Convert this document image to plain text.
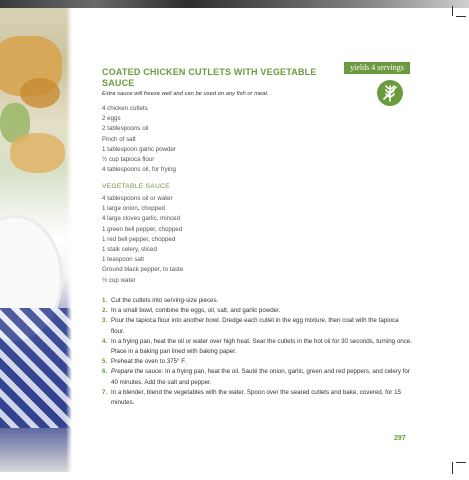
yields 4 servings
COATED CHICKEN CUTLETS WITH VEGETABLE SAUCE
Extra sauce will freeze well and can be used on any fish or meat.
4 chicken cutlets
2 eggs
2 tablespoons oil
Pinch of salt
1 tablespoon garlic powder
½ cup tapioca flour
4 tablespoons oil, for frying
VEGETABLE SAUCE
4 tablespoons oil or water
1 large onion, chopped
4 large cloves garlic, minced
1 green bell pepper, chopped
1 red bell pepper, chopped
1 stalk celery, sliced
1 teaspoon salt
Ground black pepper, to taste
½ cup water
1. Cut the cutlets into serving-size pieces.
2. In a small bowl, combine the eggs, oil, salt, and garlic powder.
3. Pour the tapioca flour into another bowl. Dredge each cutlet in the egg mixture, then coat with the tapioca flour.
4. In a frying pan, heat the oil or water over high heat. Sear the cutlets in the hot oil for 30 seconds, turning once. Place in a baking pan lined with baking paper.
5. Preheat the oven to 375° F.
6. Prepare the sauce: In a frying pan, heat the oil. Sauté the onion, garlic, green and red peppers, and celery for 40 minutes. Add the salt and pepper.
7. In a blender, blend the vegetables with the water. Spoon over the seared cutlets and bake, covered, for 15 minutes.
297
